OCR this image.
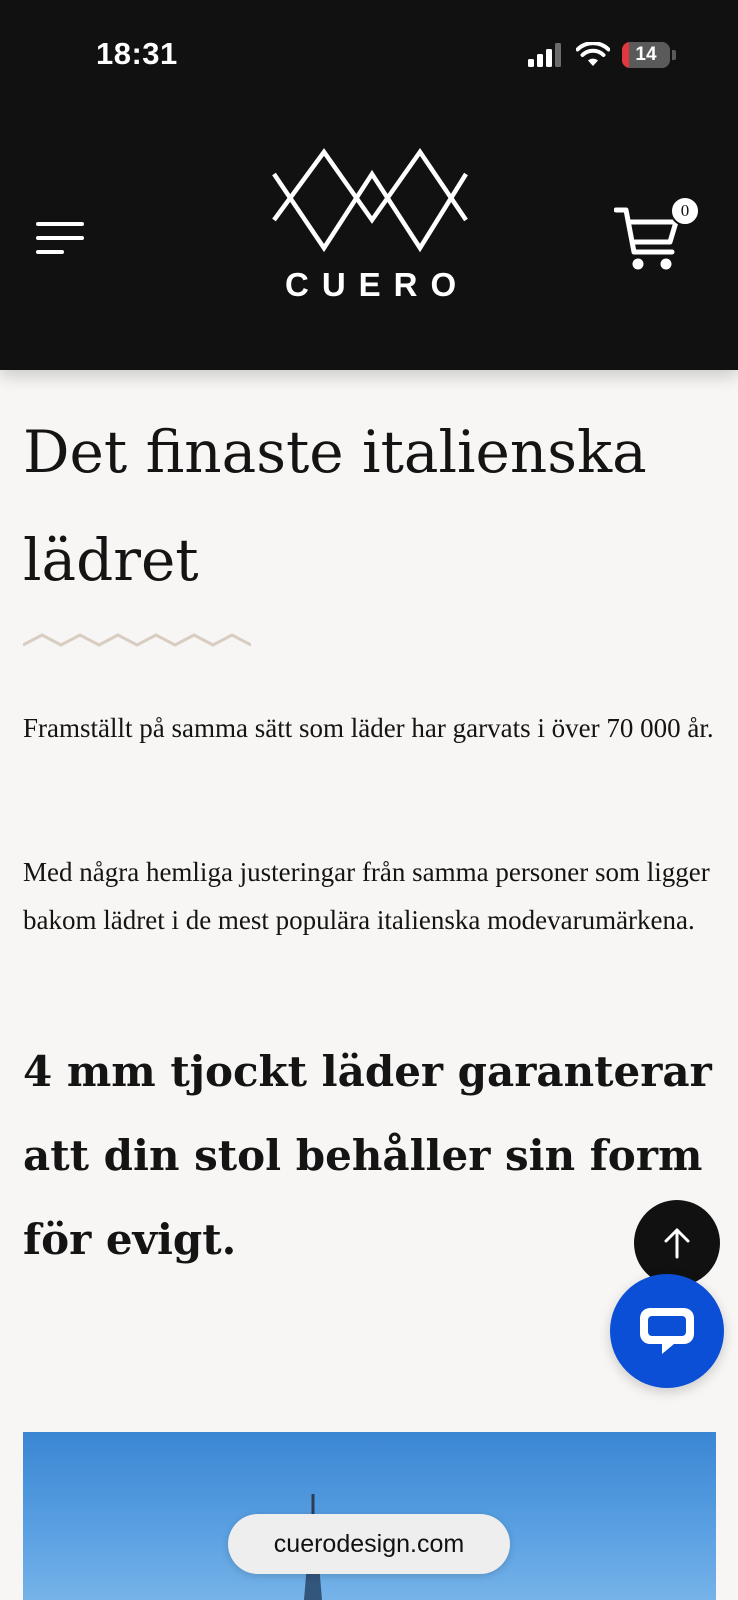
18:31	14
CUERO
0
Det finaste italienska lädret

Framställt på samma sätt som läder har garvats i över 70 000 år.

Med några hemliga justeringar från samma personer som ligger bakom lädret i de mest populära italienska modevarumärkena.

4 mm tjockt läder garanterar att din stol behåller sin form för evigt.
cuerodesign.com
